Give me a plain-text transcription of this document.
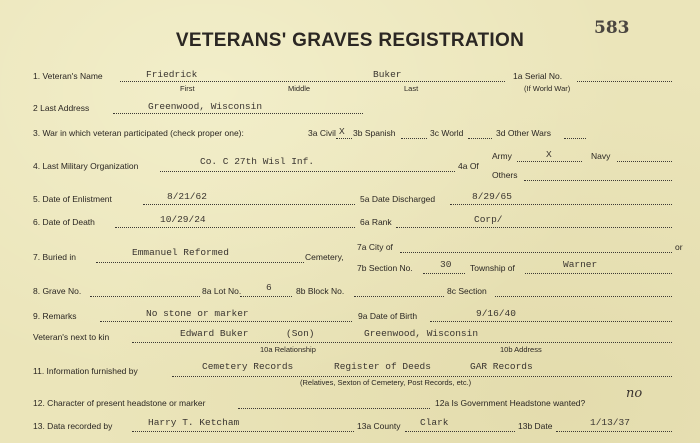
583
VETERANS' GRAVES REGISTRATION
1. Veteran's Name	Friedrick	Buker
First	Middle	Last
1a Serial No.
(If World War)
2 Last Address	Greenwood, Wisconsin
3. War in which veteran participated (check proper one):	3a Civil X 3b Spanish	3c World	3d Other Wars
4. Last Military Organization	Co. C 27th Wisl Inf.	4a Of
Army	X	Navy
Others
5. Date of Enlistment	8/21/62	5a Date Discharged	8/29/65
6. Date of Death	10/29/24	6a Rank	Corp/
7. Buried in	Emmanuel Reformed	Cemetery,
7a City of	or
7b Section No.	30 Township of	Warner
8. Grave No.	8a Lot No.	6	8b Block No.	8c Section
9. Remarks	No stone or marker	9a Date of Birth	9/16/40
Veteran's next to kin	Edward Buker	(Son)	Greenwood, Wisconsin
10a Relationship	10b Address
11. Information furnished by	Cemetery Records	Register of Deeds	GAR Records
(Relatives, Sexton of Cemetery, Post Records, etc.)
12. Character of present headstone or marker	12a Is Government Headstone wanted?
no
13. Data recorded by	Harry T. Ketcham	13a County Clark	13b Date	1/13/37
